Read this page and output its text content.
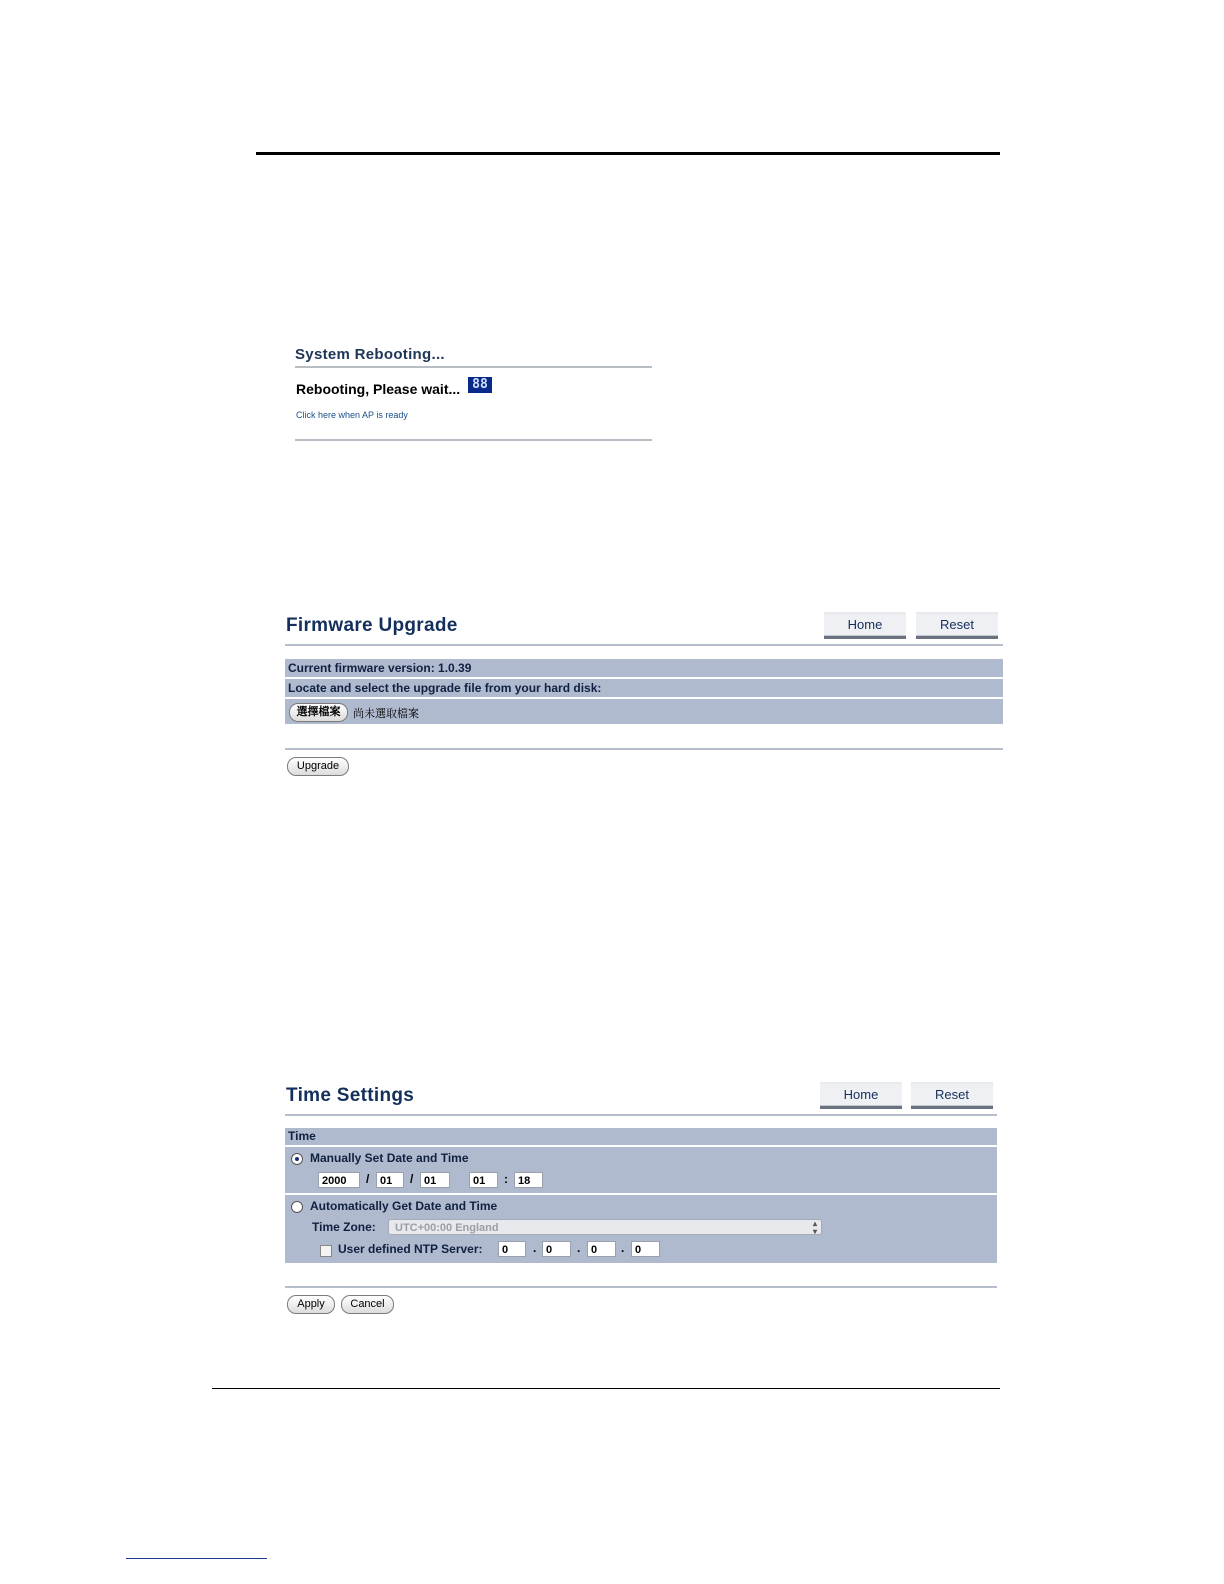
System Rebooting...
Rebooting, Please wait... 88
Click here when AP is ready
Firmware Upgrade	Home	Reset
Current firmware version: 1.0.39
Locate and select the upgrade file from your hard disk:
選擇檔案	尚未選取檔案
Upgrade
Time Settings	Home	Reset
Time
Manually Set Date and Time
2000	/ 01	/ 01	01	: 18
Automatically Get Date and Time
Time Zone:	UTC+00:00 England	▴
▾
User defined NTP Server:	0	. 0	. 0	. 0
Apply	Cancel
